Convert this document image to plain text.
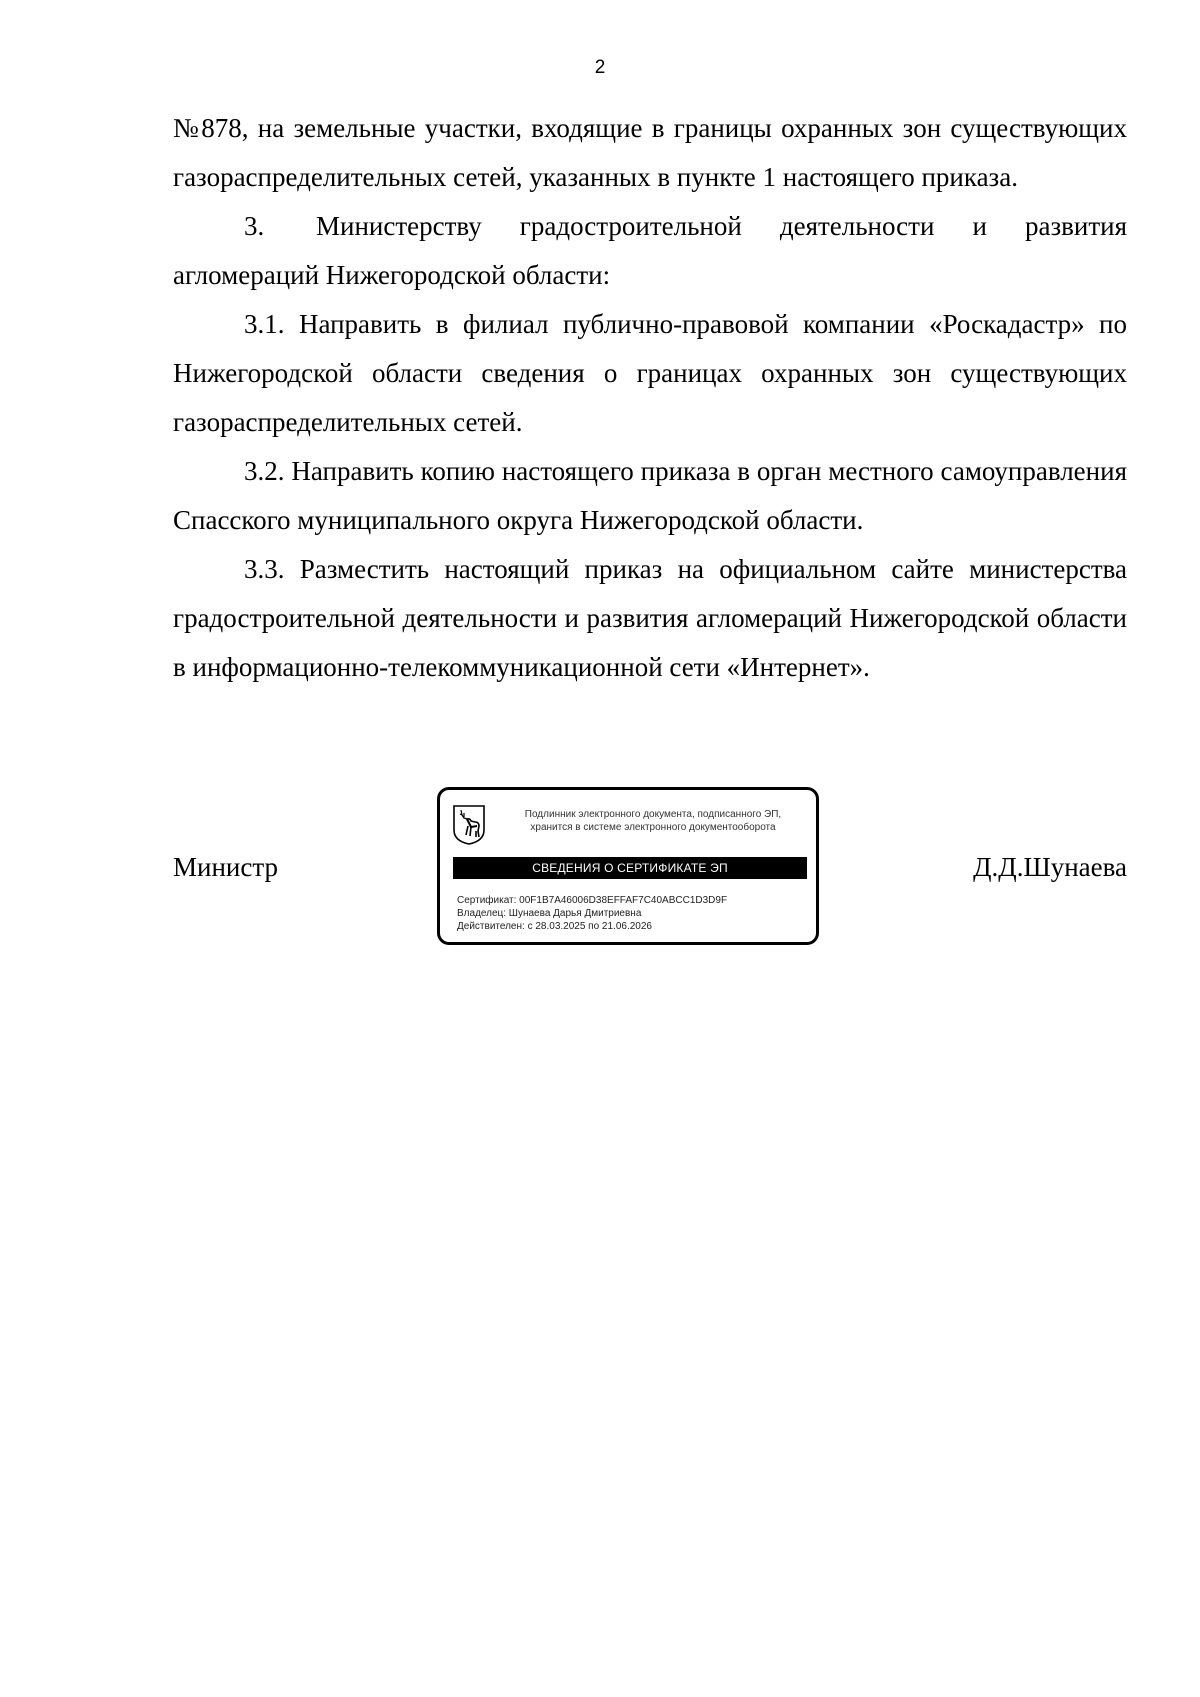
2

№878, на земельные участки, входящие в границы охранных зон существующих газораспределительных сетей, указанных в пункте 1 настоящего приказа.

3. Министерству градостроительной деятельности и развития агломераций Нижегородской области:

3.1. Направить в филиал публично-правовой компании «Роскадастр» по Нижегородской области сведения о границах охранных зон существующих газораспределительных сетей.

3.2. Направить копию настоящего приказа в орган местного самоуправления Спасского муниципального округа Нижегородской области.

3.3. Разместить настоящий приказ на официальном сайте министерства градостроительной деятельности и развития агломераций Нижегородской области в информационно-телекоммуникационной сети «Интернет».

Министр
Подлинник электронного документа, подписанного ЭП,
хранится в системе электронного документооборота
СВЕДЕНИЯ О СЕРТИФИКАТЕ ЭП
Сертификат: 00F1B7A46006D38EFFAF7C40ABCC1D3D9F
Владелец: Шунаева Дарья Дмитриевна
Действителен: с 28.03.2025 по 21.06.2026
Д.Д.Шунаева
